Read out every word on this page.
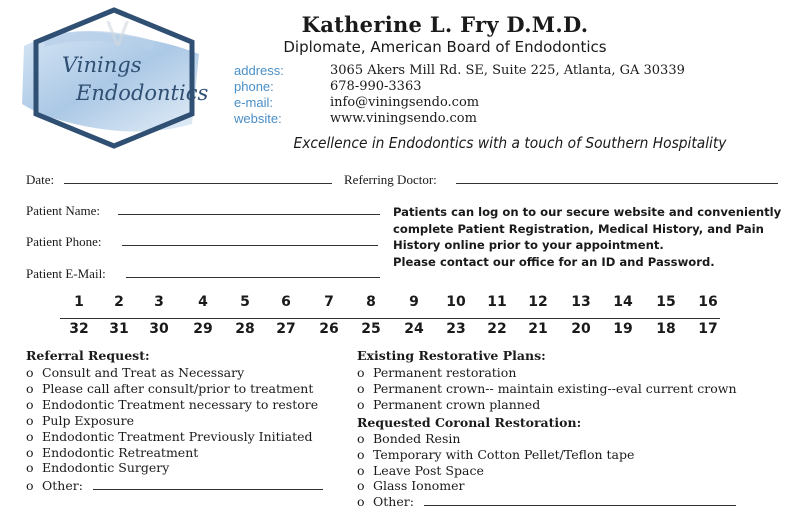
V
Vinings
Endodontics
Katherine L. Fry D.M.D.
Diplomate, American Board of Endodontics
address:	3065 Akers Mill Rd. SE, Suite 225, Atlanta, GA 30339
phone:	678-990-3363
e-mail:	info@viningsendo.com
website:	www.viningsendo.com
Excellence in Endodontics with a touch of Southern Hospitality
Date:	Referring Doctor:
Patient Name:
Patient Phone:
Patient E-Mail:
Patients can log on to our secure website and conveniently complete Patient Registration, Medical History, and Pain History online prior to your appointment.
Please contact our office for an ID and Password.
1	2	3	4	5	6	7	8	9	10	11	12	13	14	15	16
32	31	30	29	28	27	26	25	24	23	22	21	20	19	18	17
Referral Request:
o Consult and Treat as Necessary
o Please call after consult/prior to treatment
o Endodontic Treatment necessary to restore
o Pulp Exposure
o Endodontic Treatment Previously Initiated
o Endodontic Retreatment
o Endodontic Surgery
o Other:
Existing Restorative Plans:
o Permanent restoration
o Permanent crown-- maintain existing--eval current crown
o Permanent crown planned
Requested Coronal Restoration:
o Bonded Resin
o Temporary with Cotton Pellet/Teflon tape
o Leave Post Space
o Glass Ionomer
o Other:
